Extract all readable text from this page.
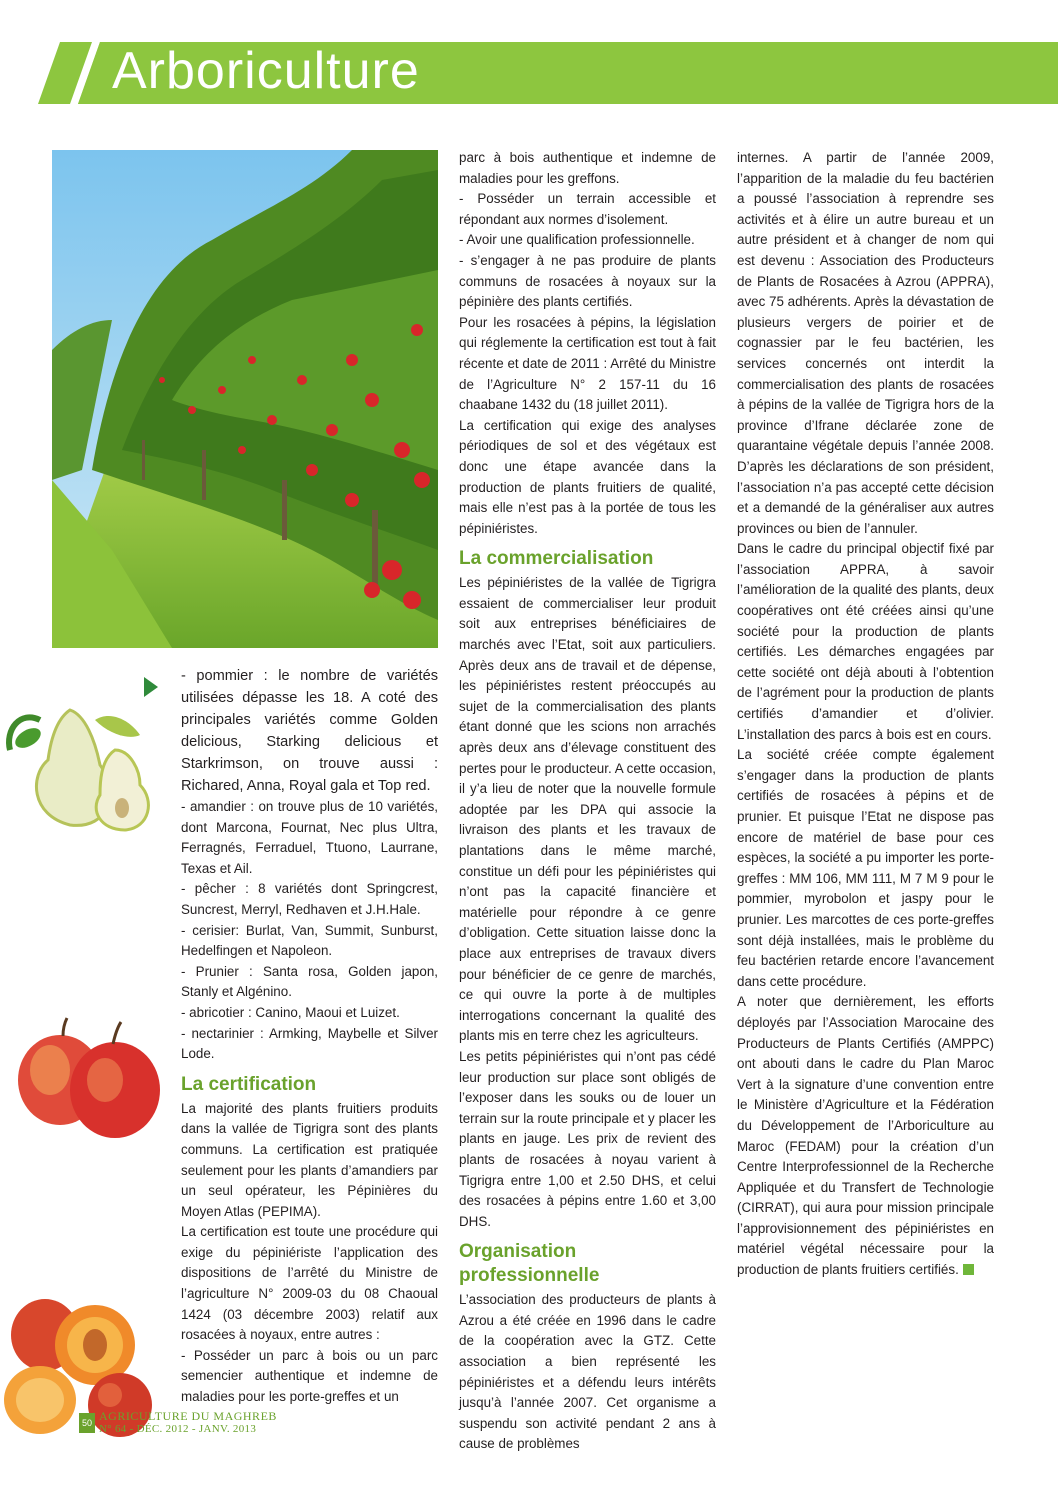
Arboriculture

- pommier : le nombre de variétés utilisées dépasse les 18. A coté des principales variétés comme Golden delicious, Starking delicious et Starkrimson, on trouve aussi : Richared, Anna, Royal gala et Top red.

- amandier : on trouve plus de 10 variétés, dont Marcona, Fournat, Nec plus Ultra, Ferragnés, Ferraduel, Ttuono, Laurrane, Texas et Ail.

- pêcher : 8 variétés dont Springcrest, Suncrest, Merryl, Redhaven et J.H.Hale.

- cerisier: Burlat, Van, Summit, Sunburst, Hedelfingen et Napoleon.

- Prunier : Santa rosa, Golden japon, Stanly et Algénino.

- abricotier : Canino, Maoui et Luizet.

- nectarinier : Armking, Maybelle et Silver Lode.

La certification

La majorité des plants fruitiers produits dans la vallée de Tigrigra sont des plants communs. La certification est pratiquée seulement pour les plants d’amandiers par un seul opérateur, les Pépinières du Moyen Atlas (PEPIMA).

La certification est toute une procédure qui exige du pépiniériste l’application des dispositions de l’arrêté du Ministre de l’agriculture N° 2009-03 du 08 Chaoual 1424 (03 décembre 2003) relatif aux rosacées à noyaux, entre autres :

- Posséder un parc à bois ou un parc semencier authentique et indemne de maladies pour les porte-greffes et un

parc à bois authentique et indemne de maladies pour les greffons.

- Posséder un terrain accessible et répondant aux normes d’isolement.

- Avoir une qualification professionnelle.

- s’engager à ne pas produire de plants communs de rosacées à noyaux sur la pépinière des plants certifiés.

Pour les rosacées à pépins, la législation qui réglemente la certification est tout à fait récente et date de 2011 : Arrêté du Ministre de l’Agriculture N° 2 157-11 du 16 chaabane 1432 du (18 juillet 2011).

La certification qui exige des analyses périodiques de sol et des végétaux est donc une étape avancée dans la production de plants fruitiers de qualité, mais elle n’est pas à la portée de tous les pépiniéristes.

La commercialisation

Les pépiniéristes de la vallée de Tigrigra essaient de commercialiser leur produit soit aux entreprises bénéficiaires de marchés avec l’Etat, soit aux particuliers. Après deux ans de travail et de dépense, les pépiniéristes restent préoccupés au sujet de la commercialisation des plants étant donné que les scions non arrachés après deux ans d’élevage constituent des pertes pour le producteur. A cette occasion, il y’a lieu de noter que la nouvelle formule adoptée par les DPA qui associe la livraison des plants et les travaux de plantations dans le même marché, constitue un défi pour les pépiniéristes qui n’ont pas la capacité financière et matérielle pour répondre à ce genre d’obligation. Cette situation laisse donc la place aux entreprises de travaux divers pour bénéficier de ce genre de marchés, ce qui ouvre la porte à de multiples interrogations concernant la qualité des plants mis en terre chez les agriculteurs.

Les petits pépiniéristes qui n’ont pas cédé leur production sur place sont obligés de l’exposer dans les souks ou de louer un terrain sur la route principale et y placer les plants en jauge. Les prix de revient des plants de rosacées à noyau varient à Tigrigra entre 1,00 et 2.50 DHS, et celui des rosacées à pépins entre 1.60 et 3,00 DHS.

Organisation professionnelle

L’association des producteurs de plants à Azrou a été créée en 1996 dans le cadre de la coopération avec la GTZ. Cette association a bien représenté les pépiniéristes et a défendu leurs intérêts jusqu’à l’année 2007. Cet organisme a suspendu son activité pendant 2 ans à cause de problèmes

internes. A partir de l’année 2009, l’apparition de la maladie du feu bactérien a poussé l’association à reprendre ses activités et à élire un autre bureau et un autre président et à changer de nom qui est devenu : Association des Producteurs de Plants de Rosacées à Azrou (APPRA), avec 75 adhérents. Après la dévastation de plusieurs vergers de poirier et de cognassier par le feu bactérien, les services concernés ont interdit la commercialisation des plants de rosacées à pépins de la vallée de Tigrigra hors de la province d’Ifrane déclarée zone de quarantaine végétale depuis l’année 2008. D’après les déclarations de son président, l’association n’a pas accepté cette décision et a demandé de la généraliser aux autres provinces ou bien de l’annuler.

Dans le cadre du principal objectif fixé par l’association APPRA, à savoir l’amélioration de la qualité des plants, deux coopératives ont été créées ainsi qu’une société pour la production de plants certifiés. Les démarches engagées par cette société ont déjà abouti à l’obtention de l’agrément pour la production de plants certifiés d’amandier et d’olivier. L’installation des parcs à bois est en cours.

La société créée compte également s’engager dans la production de plants certifiés de rosacées à pépins et de prunier. Et puisque l’Etat ne dispose pas encore de matériel de base pour ces espèces, la société a pu importer les porte-greffes : MM 106, MM 111, M 7 M 9 pour le pommier, myrobolon et jaspy pour le prunier. Les marcottes de ces porte-greffes sont déjà installées, mais le problème du feu bactérien retarde encore l’avancement dans cette procédure.

A noter que dernièrement, les efforts déployés par l’Association Marocaine des Producteurs de Plants Certifiés (AMPPC) ont abouti dans le cadre du Plan Maroc Vert à la signature d’une convention entre le Ministère d’Agriculture et la Fédération du Développement de l’Arboriculture au Maroc (FEDAM) pour la création d’un Centre Interprofessionnel de la Recherche Appliquée et du Transfert de Technologie (CIRRAT), qui aura pour mission principale l’approvisionnement des pépiniéristes en matériel végétal nécessaire pour la production de plants fruitiers certifiés.

50 AGRICULTURE DU MAGHREB
N° 64 - DÉC. 2012 - JANV. 2013
